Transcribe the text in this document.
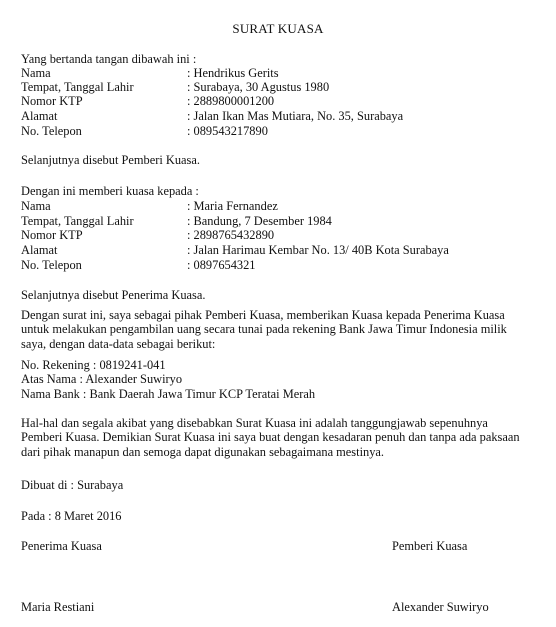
SURAT KUASA
Yang bertanda tangan dibawah ini :
Nama	: Hendrikus Gerits
Tempat, Tanggal Lahir	: Surabaya, 30 Agustus 1980
Nomor KTP	: 2889800001200
Alamat	: Jalan Ikan Mas Mutiara, No. 35, Surabaya
No. Telepon	: 089543217890
Selanjutnya disebut Pemberi Kuasa.
Dengan ini memberi kuasa kepada :
Nama	: Maria Fernandez
Tempat, Tanggal Lahir	: Bandung, 7 Desember 1984
Nomor KTP	: 2898765432890
Alamat	: Jalan Harimau Kembar No. 13/ 40B Kota Surabaya
No. Telepon	: 0897654321
Selanjutnya disebut Penerima Kuasa.
Dengan surat ini, saya sebagai pihak Pemberi Kuasa, memberikan Kuasa kepada Penerima Kuasa
untuk melakukan pengambilan uang secara tunai pada rekening Bank Jawa Timur Indonesia milik
saya, dengan data-data sebagai berikut:
No. Rekening : 0819241-041
Atas Nama : Alexander Suwiryo
Nama Bank : Bank Daerah Jawa Timur KCP Teratai Merah
Hal-hal dan segala akibat yang disebabkan Surat Kuasa ini adalah tanggungjawab sepenuhnya
Pemberi Kuasa. Demikian Surat Kuasa ini saya buat dengan kesadaran penuh dan tanpa ada paksaan
dari pihak manapun dan semoga dapat digunakan sebagaimana mestinya.
Dibuat di : Surabaya
Pada : 8 Maret 2016
Penerima Kuasa	Pemberi Kuasa
Maria Restiani	Alexander Suwiryo
